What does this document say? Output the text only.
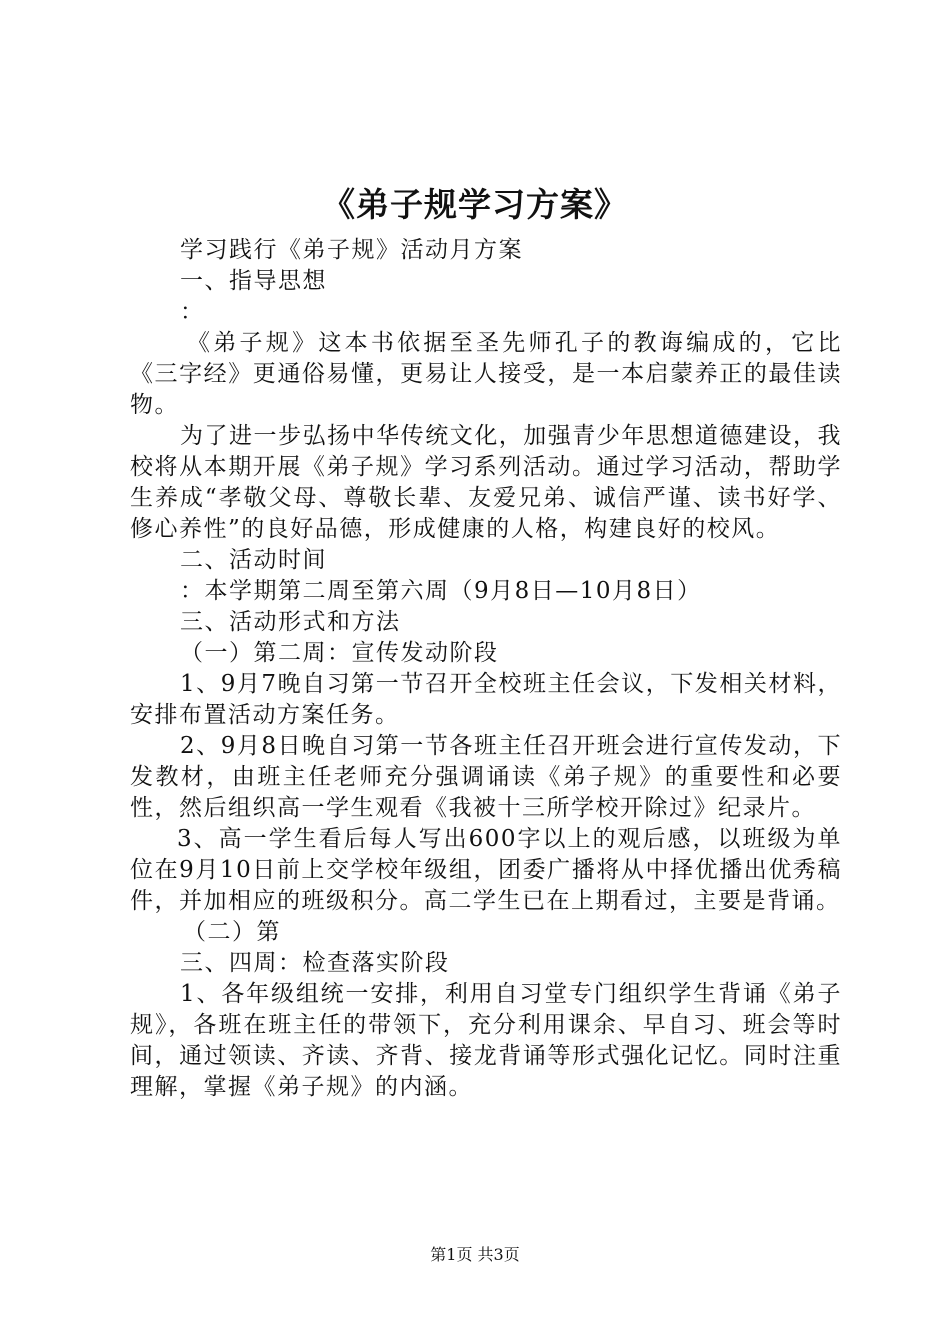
《弟子规学习方案》

学习践行《弟子规》活动月方案

一、指导思想

：

《弟子规》这本书依据至圣先师孔子的教诲编成的，它比《三字经》更通俗易懂，更易让人接受，是一本启蒙养正的最佳读物。

为了进一步弘扬中华传统文化，加强青少年思想道德建设，我校将从本期开展《弟子规》学习系列活动。通过学习活动，帮助学生养成“孝敬父母、尊敬长辈、友爱兄弟、诚信严谨、读书好学、修心养性”的良好品德，形成健康的人格，构建良好的校风。

二、活动时间

：本学期第二周至第六周（9月8日—10月8日）

三、活动形式和方法

（一）第二周：宣传发动阶段

1、9月7晚自习第一节召开全校班主任会议，下发相关材料，安排布置活动方案任务。

2、9月8日晚自习第一节各班主任召开班会进行宣传发动，下发教材，由班主任老师充分强调诵读《弟子规》的重要性和必要性，然后组织高一学生观看《我被十三所学校开除过》纪录片。

3、高一学生看后每人写出600字以上的观后感，以班级为单位在9月10日前上交学校年级组，团委广播将从中择优播出优秀稿件，并加相应的班级积分。高二学生已在上期看过，主要是背诵。

（二）第

三、四周：检查落实阶段

1、各年级组统一安排，利用自习堂专门组织学生背诵《弟子规》，各班在班主任的带领下，充分利用课余、早自习、班会等时间，通过领读、齐读、齐背、接龙背诵等形式强化记忆。同时注重理解，掌握《弟子规》的内涵。

第1页 共3页
